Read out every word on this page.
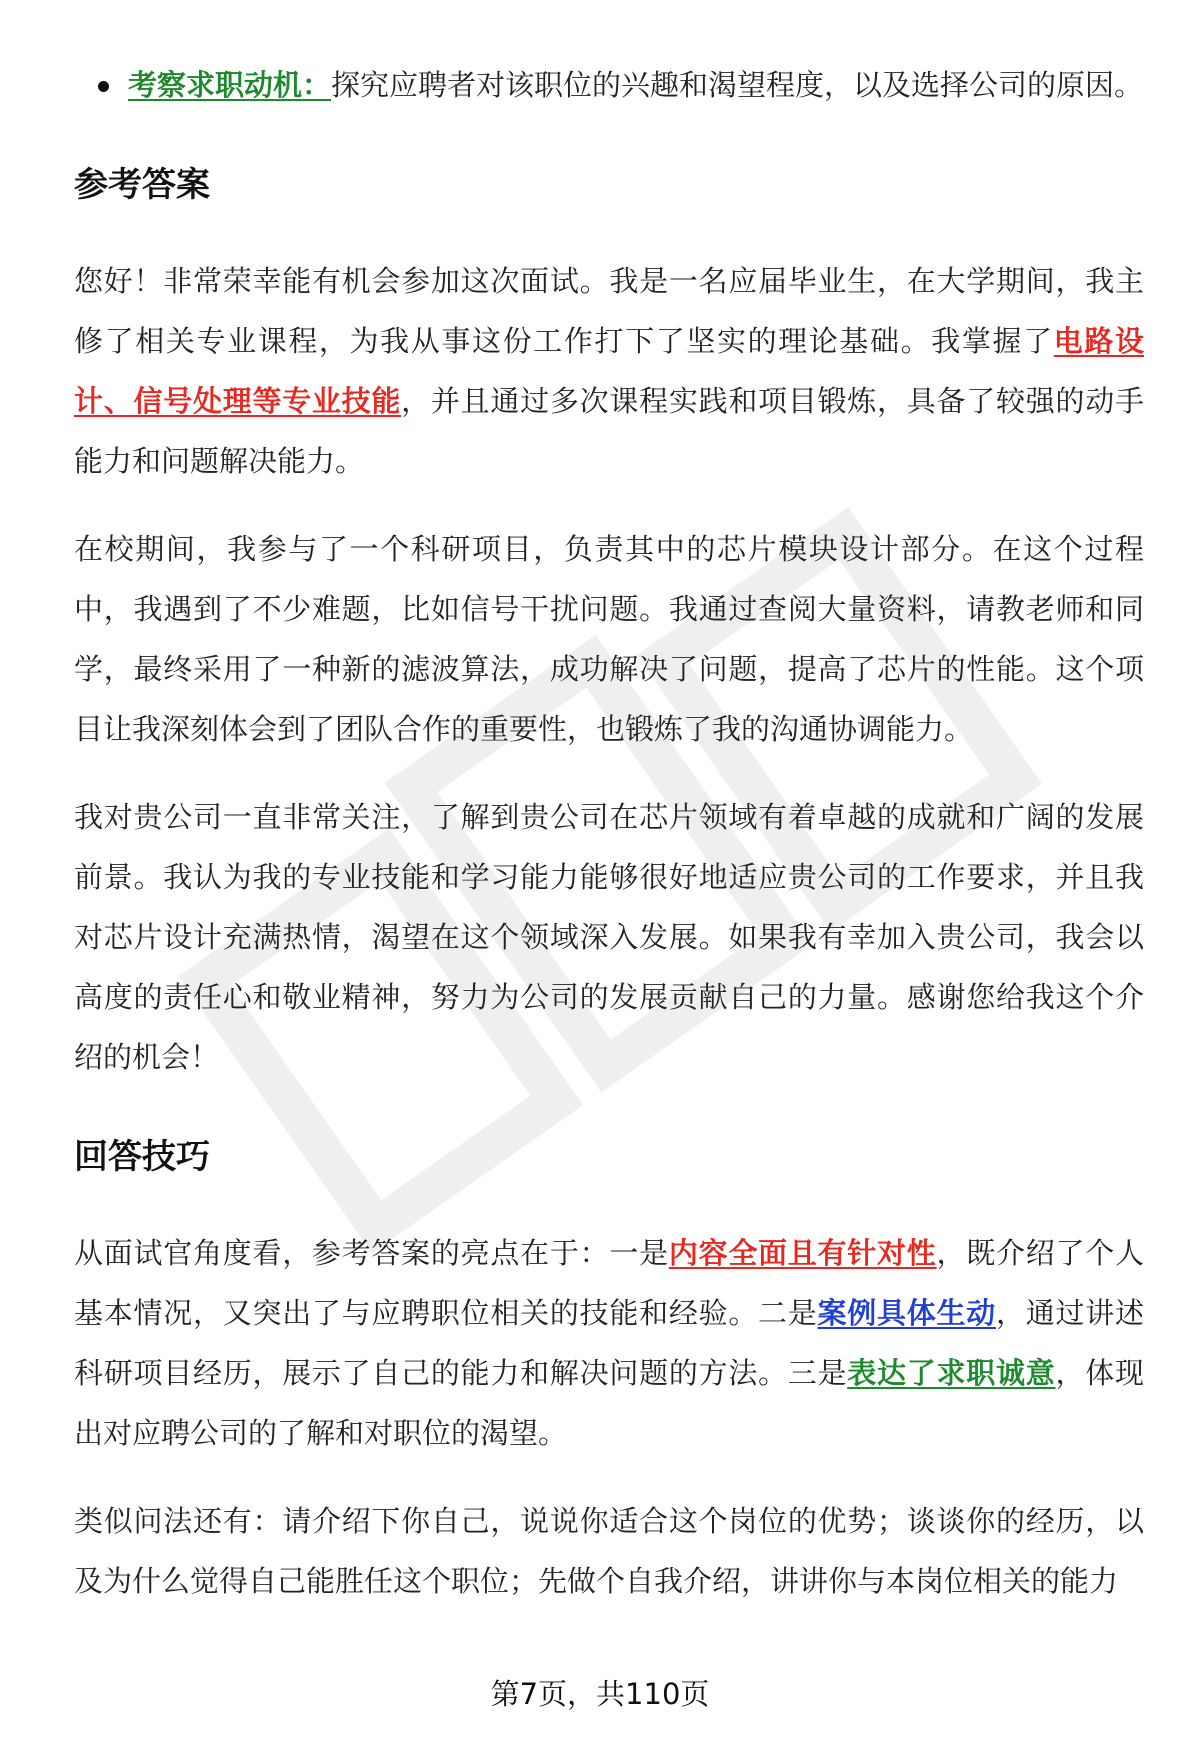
考察求职动机：探究应聘者对该职位的兴趣和渴望程度，以及选择公司的原因。
参考答案

您好！非常荣幸能有机会参加这次面试。我是一名应届毕业生，在大学期间，我主修了相关专业课程，为我从事这份工作打下了坚实的理论基础。我掌握了电路设计、信号处理等专业技能，并且通过多次课程实践和项目锻炼，具备了较强的动手能力和问题解决能力。

在校期间，我参与了一个科研项目，负责其中的芯片模块设计部分。在这个过程中，我遇到了不少难题，比如信号干扰问题。我通过查阅大量资料，请教老师和同学，最终采用了一种新的滤波算法，成功解决了问题，提高了芯片的性能。这个项目让我深刻体会到了团队合作的重要性，也锻炼了我的沟通协调能力。

我对贵公司一直非常关注，了解到贵公司在芯片领域有着卓越的成就和广阔的发展前景。我认为我的专业技能和学习能力能够很好地适应贵公司的工作要求，并且我对芯片设计充满热情，渴望在这个领域深入发展。如果我有幸加入贵公司，我会以高度的责任心和敬业精神，努力为公司的发展贡献自己的力量。感谢您给我这个介绍的机会！

回答技巧

从面试官角度看，参考答案的亮点在于：一是内容全面且有针对性，既介绍了个人基本情况，又突出了与应聘职位相关的技能和经验。二是案例具体生动，通过讲述科研项目经历，展示了自己的能力和解决问题的方法。三是表达了求职诚意，体现出对应聘公司的了解和对职位的渴望。

类似问法还有：请介绍下你自己，说说你适合这个岗位的优势；谈谈你的经历，以及为什么觉得自己能胜任这个职位；先做个自我介绍，讲讲你与本岗位相关的能力

第7页，共110页
